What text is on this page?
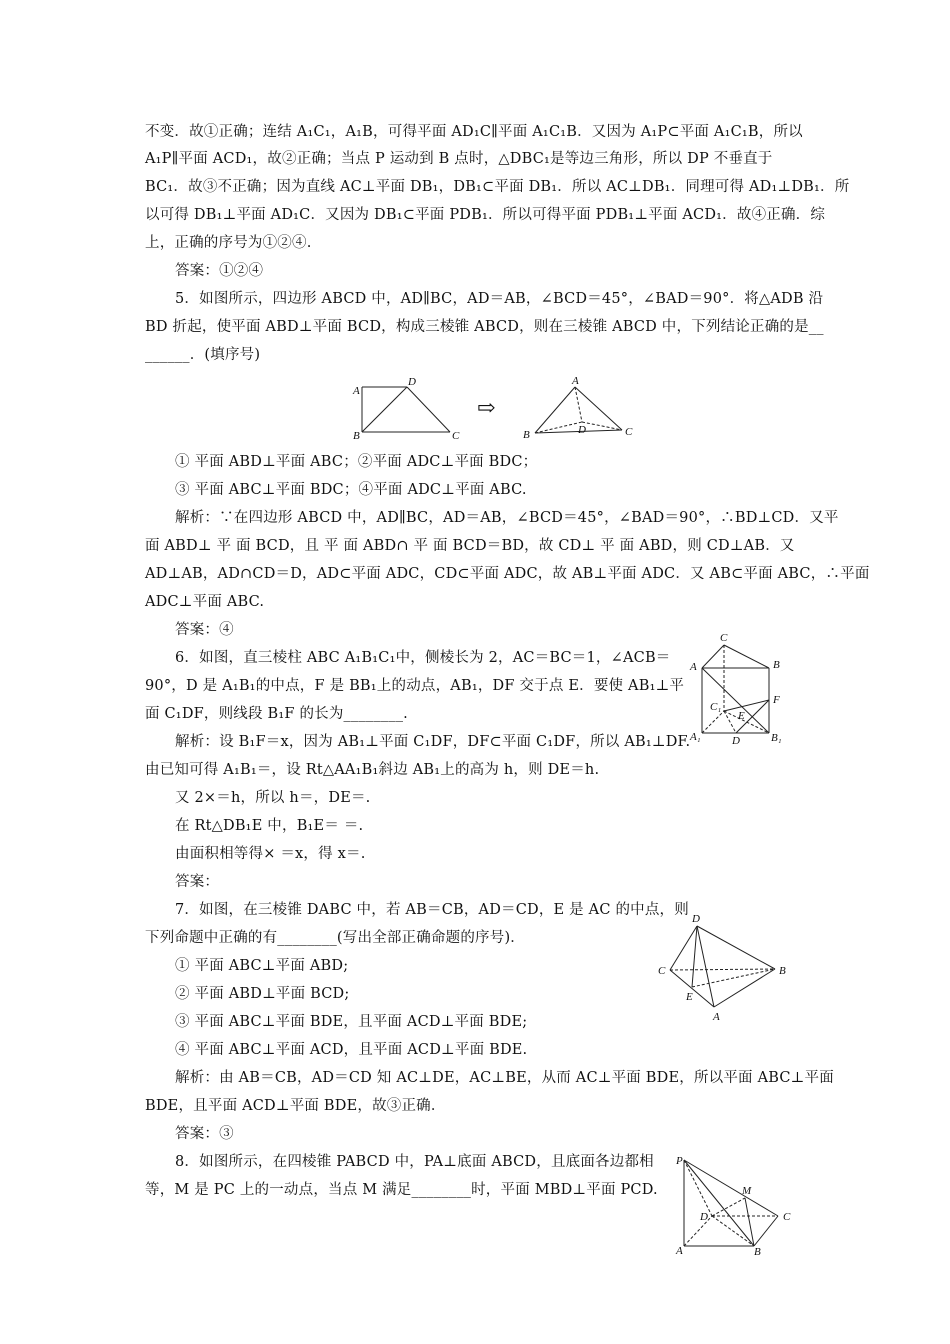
不变．故①正确；连结 A₁C₁，A₁B，可得平面 AD₁C∥平面 A₁C₁B．又因为 A₁P⊂平面 A₁C₁B，所以
A₁P∥平面 ACD₁，故②正确；当点 P 运动到 B 点时，△DBC₁是等边三角形，所以 DP 不垂直于
BC₁．故③不正确；因为直线 AC⊥平面 DB₁，DB₁⊂平面 DB₁．所以 AC⊥DB₁．同理可得 AD₁⊥DB₁．所
以可得 DB₁⊥平面 AD₁C．又因为 DB₁⊂平面 PDB₁．所以可得平面 PDB₁⊥平面 ACD₁．故④正确．综
上，正确的序号为①②④.
答案：①②④
5．如图所示，四边形 ABCD 中，AD∥BC，AD＝AB，∠BCD＝45°，∠BAD＝90°．将△ADB 沿
BD 折起，使平面 ABD⊥平面 BCD，构成三棱锥 ABCD，则在三棱锥 ABCD 中，下列结论正确的是__
______．(填序号)
A
B
D
C
⇨
A
B	D	C
① 平面 ABD⊥平面 ABC；②平面 ADC⊥平面 BDC；
③ 平面 ABC⊥平面 BDC；④平面 ADC⊥平面 ABC.
解析：∵在四边形 ABCD 中，AD∥BC，AD＝AB，∠BCD＝45°，∠BAD＝90°，∴BD⊥CD．又平
面 ABD⊥ 平 面 BCD，且 平 面 ABD∩ 平 面 BCD＝BD，故 CD⊥ 平 面 ABD，则 CD⊥AB．又
AD⊥AB，AD∩CD＝D，AD⊂平面 ADC，CD⊂平面 ADC，故 AB⊥平面 ADC．又 AB⊂平面 ABC，∴平面
ADC⊥平面 ABC.
答案：④
6．如图，直三棱柱 ABC A₁B₁C₁中，侧棱长为 2，AC＝BC＝1，∠ACB＝
90°，D 是 A₁B₁的中点，F 是 BB₁上的动点，AB₁，DF 交于点 E．要使 AB₁⊥平
面 C₁DF，则线段 B₁F 的长为________.
解析：设 B₁F＝x，因为 AB₁⊥平面 C₁DF，DF⊂平面 C₁DF，所以 AB₁⊥DF.
由已知可得 A₁B₁＝，设 Rt△AA₁B₁斜边 AB₁上的高为 h，则 DE＝h.
又 2×＝h，所以 h＝，DE＝.
在 Rt△DB₁E 中，B₁E＝ ＝.
由面积相等得× ＝x，得 x＝.
答案：
C
B
A
F
C₁
E
A₁	D	B₁
7．如图，在三棱锥 DABC 中，若 AB＝CB，AD＝CD，E 是 AC 的中点，则
下列命题中正确的有________(写出全部正确命题的序号)．
① 平面 ABC⊥平面 ABD;
② 平面 ABD⊥平面 BCD;
③ 平面 ABC⊥平面 BDE，且平面 ACD⊥平面 BDE;
④ 平面 ABC⊥平面 ACD，且平面 ACD⊥平面 BDE.
解析：由 AB＝CB，AD＝CD 知 AC⊥DE，AC⊥BE，从而 AC⊥平面 BDE，所以平面 ABC⊥平面
BDE，且平面 ACD⊥平面 BDE，故③正确．
答案：③
D
C	B
E
A
8．如图所示，在四棱锥 PABCD 中，PA⊥底面 ABCD，且底面各边都相
等，M 是 PC 上的一动点，当点 M 满足________时，平面 MBD⊥平面 PCD.
P
M
D	C
A	B
